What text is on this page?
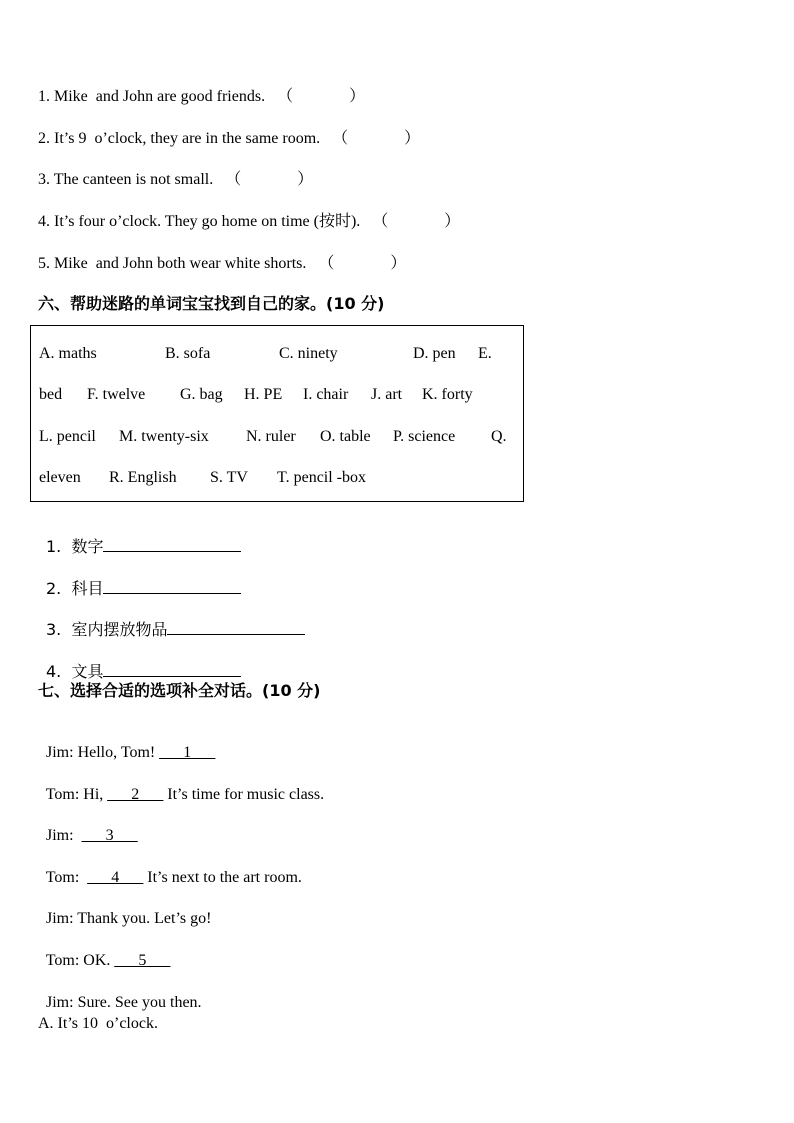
1. Mike  and John are good friends.   （              ）
2. It’s 9  o’clock, they are in the same room.   （              ）
3. The canteen is not small.   （              ）
4. It’s four o’clock. They go home on time (按时).   （              ）
5. Mike  and John both wear white shorts.   （              ）
六、帮助迷路的单词宝宝找到自己的家。(10 分)
A. maths	B. sofa	C. ninety	D. pen E.
bed F. twelve G. bag H. PE I. chair J. art K. forty
L. pencil M. twenty-six N. ruler O. table P. science Q.
eleven R. English S. TV T. pencil -box

1.  数字

2.  科目

3.  室内摆放物品

4.  文具

七、选择合适的选项补全对话。(10 分)

Jim: Hello, Tom! ___1___

Tom: Hi, ___2___ It’s time for music class.

Jim:  ___3___

Tom:  ___4___ It’s next to the art room.

Jim: Thank you. Let’s go!

Tom: OK. ___5___

Jim: Sure. See you then.

A. It’s 10  o’clock.
